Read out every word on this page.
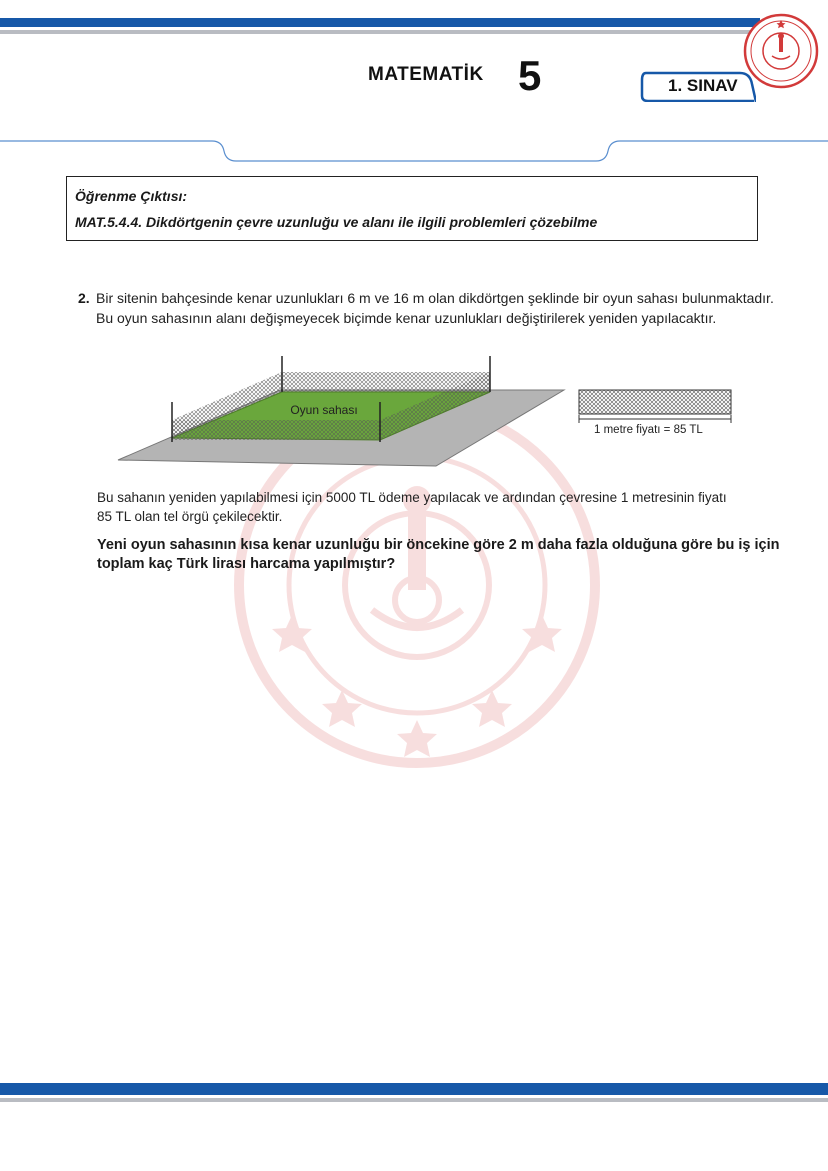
MATEMATİK 5	1. SINAV
Öğrenme Çıktısı:
MAT.5.4.4. Dikdörtgenin çevre uzunluğu ve alanı ile ilgili problemleri çözebilme
2. Bir sitenin bahçesinde kenar uzunlukları 6 m ve 16 m olan dikdörtgen şeklinde bir oyun sahası bulunmaktadır.
Bu oyun sahasının alanı değişmeyecek biçimde kenar uzunlukları değiştirilerek yeniden yapılacaktır.
Oyun sahası
1 metre fiyatı = 85 TL
Bu sahanın yeniden yapılabilmesi için 5000 TL ödeme yapılacak ve ardından çevresine 1 metresinin fiyatı
85 TL olan tel örgü çekilecektir.
Yeni oyun sahasının kısa kenar uzunluğu bir öncekine göre 2 m daha fazla olduğuna göre bu iş için
toplam kaç Türk lirası harcama yapılmıştır?
